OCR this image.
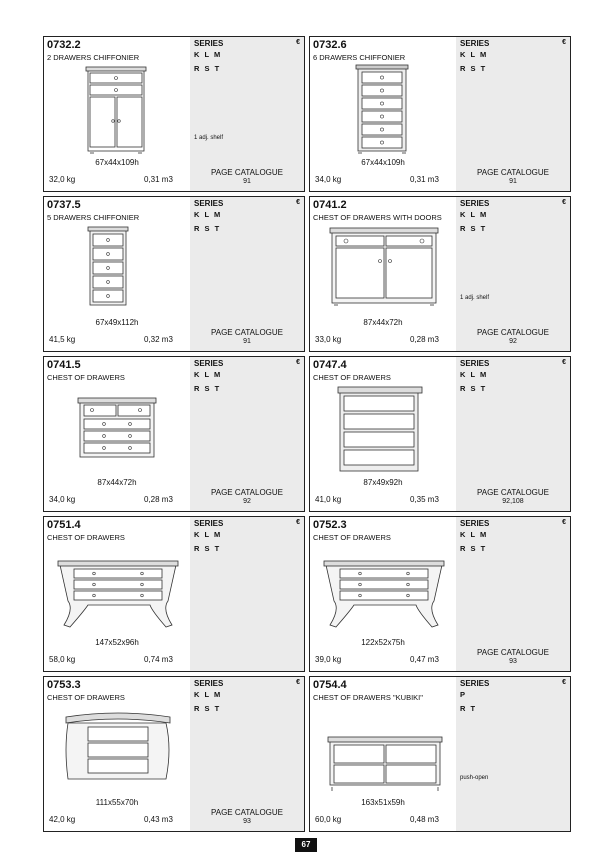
0732.2
2 DRAWERS CHIFFONIER
SERIES
K L M
R S T
€
1 adj. shelf
67x44x109h
32,0 kg	0,31 m3
PAGE CATALOGUE
91
0732.6
6 DRAWERS CHIFFONIER
SERIES
K L M
R S T
€
67x44x109h
34,0 kg	0,31 m3
PAGE CATALOGUE
91
0737.5
5 DRAWERS CHIFFONIER
SERIES
K L M
R S T
€
67x49x112h
41,5 kg	0,32 m3
PAGE CATALOGUE
91
0741.2
CHEST OF DRAWERS WITH DOORS
SERIES
K L M
R S T
€
1 adj. shelf
87x44x72h
33,0 kg	0,28 m3
PAGE CATALOGUE
92
0741.5
CHEST OF DRAWERS
SERIES
K L M
R S T
€
87x44x72h
34,0 kg	0,28 m3
PAGE CATALOGUE
92
0747.4
CHEST OF DRAWERS
SERIES
K L M
R S T
€
87x49x92h
41,0 kg	0,35 m3
PAGE CATALOGUE
92,108
0751.4
CHEST OF DRAWERS
SERIES
K L M
R S T
€
147x52x96h
58,0 kg	0,74 m3
0752.3
CHEST OF DRAWERS
SERIES
K L M
R S T
€
122x52x75h
39,0 kg	0,47 m3
PAGE CATALOGUE
93
0753.3
CHEST OF DRAWERS
SERIES
K L M
R S T
€
111x55x70h
42,0 kg	0,43 m3
PAGE CATALOGUE
93
0754.4
CHEST OF DRAWERS "KUBIKI"
SERIES
P
R T
€
push-open
163x51x59h
60,0 kg	0,48 m3
67
